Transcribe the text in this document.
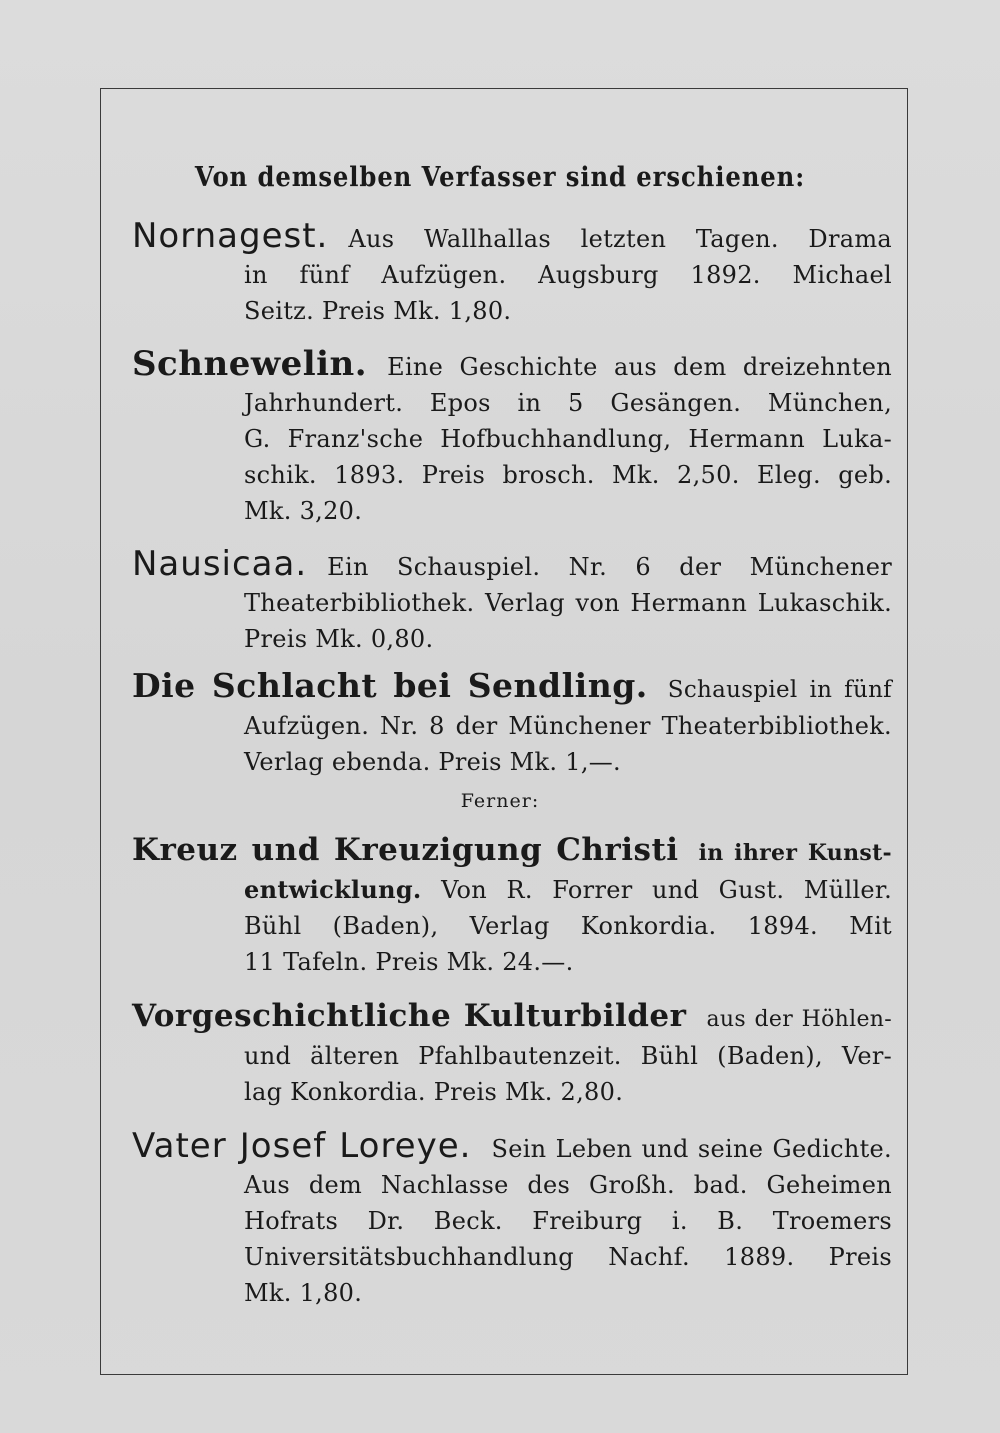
Von demselben Verfasser sind erschienen:
Nornagest. Aus Wallhallas letzten Tagen. Drama
in fünf Aufzügen. Augsburg 1892. Michael
Seitz. Preis Mk. 1,80.
Schnewelin. Eine Geschichte aus dem dreizehnten
Jahrhundert. Epos in 5 Gesängen. München,
G. Franz'sche Hofbuchhandlung, Hermann Luka-
schik. 1893. Preis brosch. Mk. 2,50. Eleg. geb.
Mk. 3,20.
Nausicaa. Ein Schauspiel. Nr. 6 der Münchener
Theaterbibliothek. Verlag von Hermann Lukaschik.
Preis Mk. 0,80.
Die Schlacht bei Sendling. Schauspiel in fünf
Aufzügen. Nr. 8 der Münchener Theaterbibliothek.
Verlag ebenda. Preis Mk. 1,—.
Ferner:
Kreuz und Kreuzigung Christi in ihrer Kunst-
entwicklung. Von R. Forrer und Gust. Müller.
Bühl (Baden), Verlag Konkordia. 1894. Mit
11 Tafeln. Preis Mk. 24.—.
Vorgeschichtliche Kulturbilder aus der Höhlen-
und älteren Pfahlbautenzeit. Bühl (Baden), Ver-
lag Konkordia. Preis Mk. 2,80.
Vater Josef Loreye. Sein Leben und seine Gedichte.
Aus dem Nachlasse des Großh. bad. Geheimen
Hofrats Dr. Beck. Freiburg i. B. Troemers
Universitätsbuchhandlung Nachf. 1889. Preis
Mk. 1,80.
